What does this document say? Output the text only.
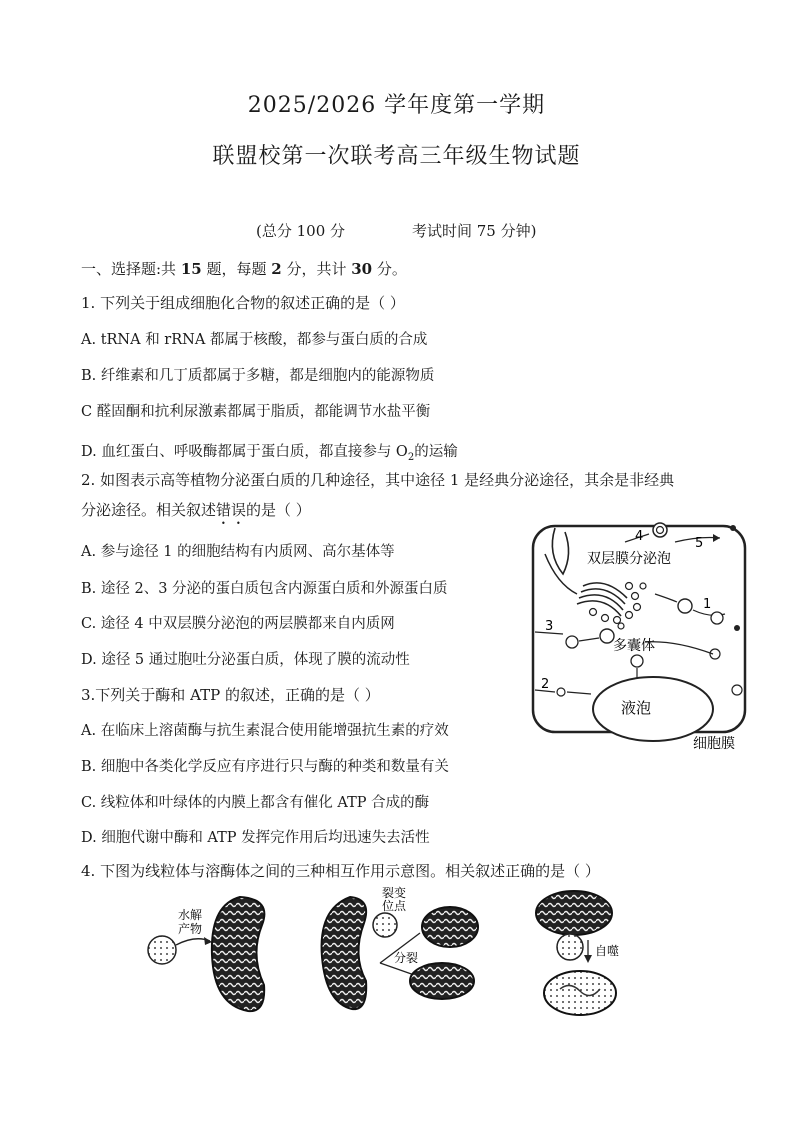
2025/2026 学年度第一学期
联盟校第一次联考高三年级生物试题
(总分 100 分	考试时间 75 分钟)
一、选择题:共 15 题，每题 2 分，共计 30 分。
1. 下列关于组成细胞化合物的叙述正确的是（ ）
A. tRNA 和 rRNA 都属于核酸，都参与蛋白质的合成
B. 纤维素和几丁质都属于多糖，都是细胞内的能源物质
C 醛固酮和抗利尿激素都属于脂质，都能调节水盐平衡
D. 血红蛋白、呼吸酶都属于蛋白质，都直接参与 $O_2$的运输
2. 如图表示高等植物分泌蛋白质的几种途径，其中途径 1 是经典分泌途径，其余是非经典
分泌途径。相关叙述错误的是（ ）
A. 参与途径 1 的细胞结构有内质网、高尔基体等
B. 途径 2、3 分泌的蛋白质包含内源蛋白质和外源蛋白质
C. 途径 4 中双层膜分泌泡的两层膜都来自内质网
D. 途径 5 通过胞吐分泌蛋白质，体现了膜的流动性
4	5
双层膜分泌泡
1
3
多囊体
液泡
2
细胞膜
3.下列关于酶和 ATP 的叙述，正确的是（ ）
A. 在临床上溶菌酶与抗生素混合使用能增强抗生素的疗效
B. 细胞中各类化学反应有序进行只与酶的种类和数量有关
C. 线粒体和叶绿体的内膜上都含有催化 ATP 合成的酶
D. 细胞代谢中酶和 ATP 发挥完作用后均迅速失去活性
4. 下图为线粒体与溶酶体之间的三种相互作用示意图。相关叙述正确的是（ ）
水解
产物
裂变
位点
分裂	自噬
